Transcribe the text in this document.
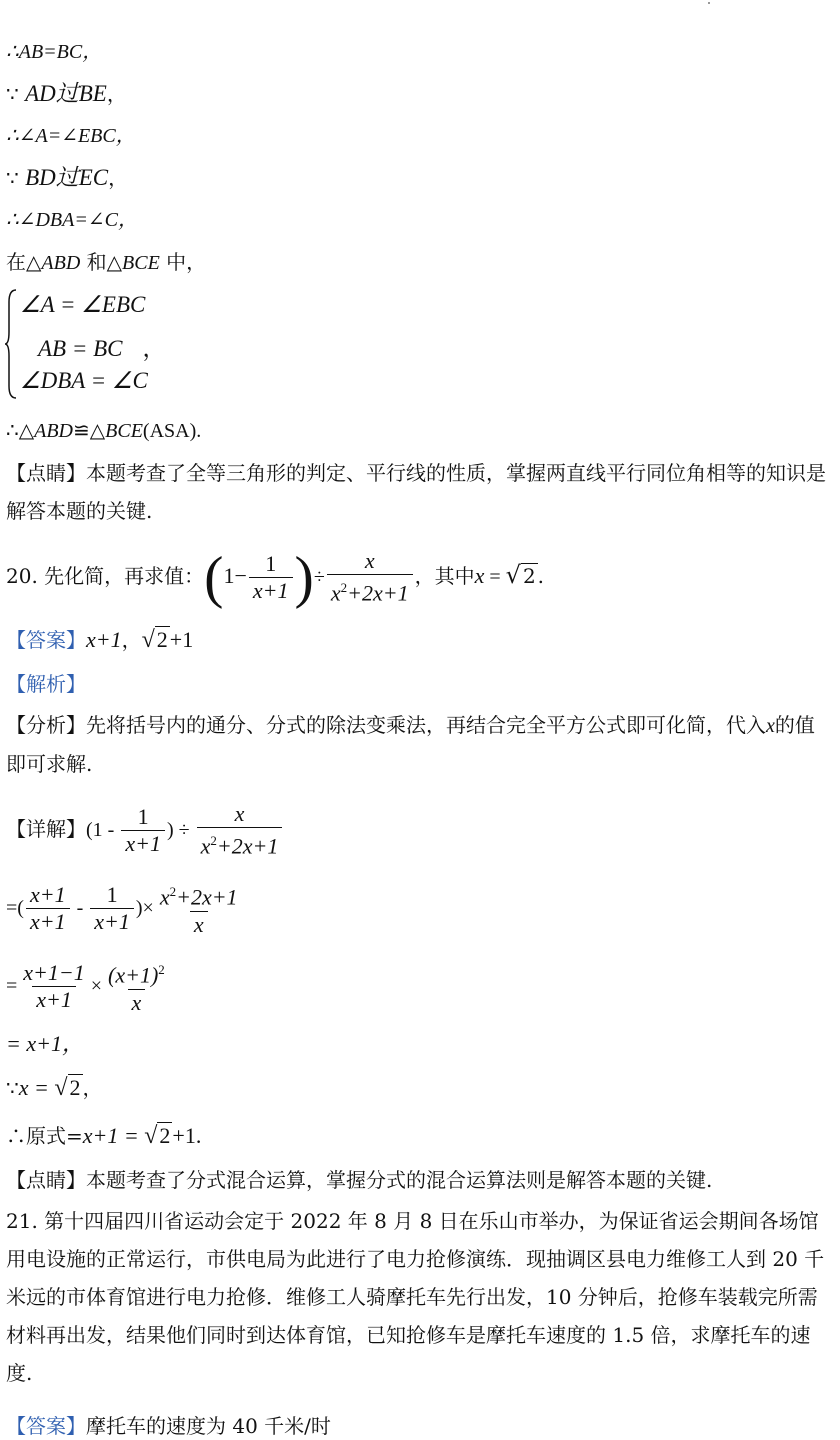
∴AB=BC，
∵ AD过BE，
∴∠A=∠EBC，
∵ BD过EC，
∴∠DBA=∠C，
在△ABD 和△BCE 中，
∠A = ∠EBC
AB = BC ，
∠DBA = ∠C
∴△ABD≌△BCE(ASA).
【点睛】本题考查了全等三角形的判定、平行线的性质，掌握两直线平行同位角相等的知识是解答本题的关键.
20. 先化简，再求值：($1- \frac{1}{x+1}$ )÷ $\frac{x}{x^2+2x+1}$ ，其中x = √ 2 .
【答案】x+1，√2+1
【解析】
【分析】先将括号内的通分、分式的除法变乘法，再结合完全平方公式即可化简，代入x的值即可求解.
【详解】($1 - \frac{1}{x+1}$ ) ÷ $\frac{x}{x^2+2x+1}$
=( $\frac{x+1}{x+1} - \frac{1}{x+1}$ )× $\frac{x^2+2x+1}{x}$
= $\frac{x+1-1}{x+1} \times \frac{(x+1)^2}{x}$
= x+1，
∵x = √2 ，
∴原式=x+1 = √2+1.
【点睛】本题考查了分式混合运算，掌握分式的混合运算法则是解答本题的关键.
21. 第十四届四川省运动会定于 2022 年 8 月 8 日在乐山市举办，为保证省运会期间各场馆用电设施的正常运行，市供电局为此进行了电力抢修演练．现抽调区县电力维修工人到 20 千米远的市体育馆进行电力抢修．维修工人骑摩托车先行出发，10 分钟后，抢修车装载完所需材料再出发，结果他们同时到达体育馆，已知抢修车是摩托车速度的 1.5 倍，求摩托车的速度.
【答案】摩托车的速度为 40 千米/时
